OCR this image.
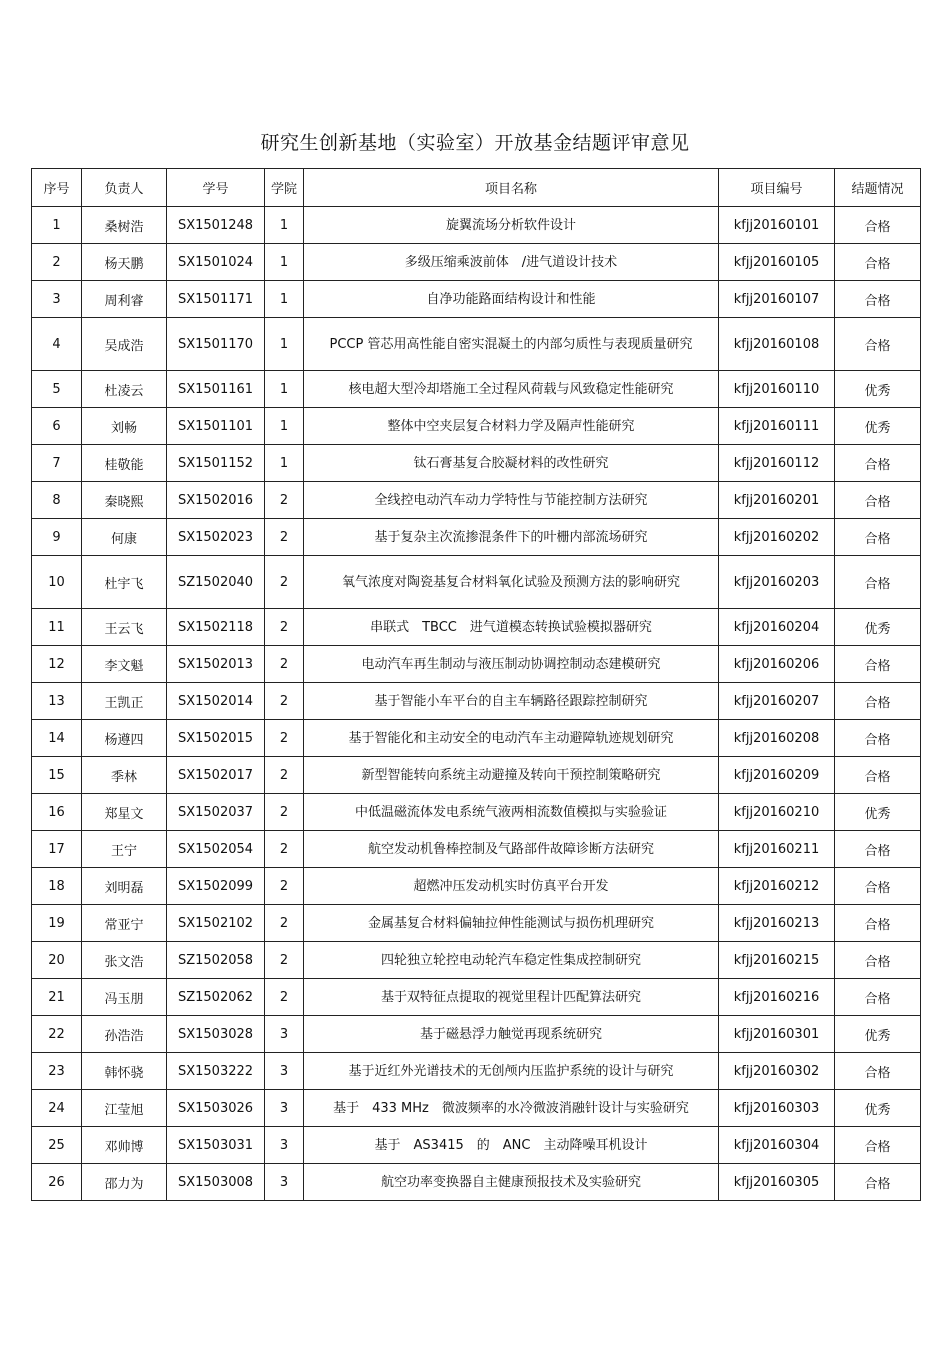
研究生创新基地（实验室）开放基金结题评审意见
序号	负责人	学号	学院	项目名称	项目编号	结题情况
1	桑树浩	SX1501248	1	旋翼流场分析软件设计	kfjj20160101	合格
2	杨天鹏	SX1501024	1	多级压缩乘波前体　/进气道设计技术	kfjj20160105	合格
3	周利睿	SX1501171	1	自净功能路面结构设计和性能	kfjj20160107	合格
4	吴成浩	SX1501170	1	PCCP 管芯用高性能自密实混凝土的内部匀质性与表现质量研究	kfjj20160108	合格
5	杜凌云	SX1501161	1	核电超大型冷却塔施工全过程风荷载与风致稳定性能研究	kfjj20160110	优秀
6	刘畅	SX1501101	1	整体中空夹层复合材料力学及隔声性能研究	kfjj20160111	优秀
7	桂敬能	SX1501152	1	钛石膏基复合胶凝材料的改性研究	kfjj20160112	合格
8	秦晓熙	SX1502016	2	全线控电动汽车动力学特性与节能控制方法研究	kfjj20160201	合格
9	何康	SX1502023	2	基于复杂主次流掺混条件下的叶栅内部流场研究	kfjj20160202	合格
10	杜宇飞	SZ1502040	2	氧气浓度对陶瓷基复合材料氧化试验及预测方法的影响研究	kfjj20160203	合格
11	王云飞	SX1502118	2	串联式　TBCC　进气道模态转换试验模拟器研究	kfjj20160204	优秀
12	李文魁	SX1502013	2	电动汽车再生制动与液压制动协调控制动态建模研究	kfjj20160206	合格
13	王凯正	SX1502014	2	基于智能小车平台的自主车辆路径跟踪控制研究	kfjj20160207	合格
14	杨遵四	SX1502015	2	基于智能化和主动安全的电动汽车主动避障轨迹规划研究	kfjj20160208	合格
15	季林	SX1502017	2	新型智能转向系统主动避撞及转向干预控制策略研究	kfjj20160209	合格
16	郑星文	SX1502037	2	中低温磁流体发电系统气液两相流数值模拟与实验验证	kfjj20160210	优秀
17	王宁	SX1502054	2	航空发动机鲁棒控制及气路部件故障诊断方法研究	kfjj20160211	合格
18	刘明磊	SX1502099	2	超燃冲压发动机实时仿真平台开发	kfjj20160212	合格
19	常亚宁	SX1502102	2	金属基复合材料偏轴拉伸性能测试与损伤机理研究	kfjj20160213	合格
20	张文浩	SZ1502058	2	四轮独立轮控电动轮汽车稳定性集成控制研究	kfjj20160215	合格
21	冯玉朋	SZ1502062	2	基于双特征点提取的视觉里程计匹配算法研究	kfjj20160216	合格
22	孙浩浩	SX1503028	3	基于磁悬浮力触觉再现系统研究	kfjj20160301	优秀
23	韩怀骁	SX1503222	3	基于近红外光谱技术的无创颅内压监护系统的设计与研究	kfjj20160302	合格
24	江莹旭	SX1503026	3	基于　433 MHz　微波频率的水冷微波消融针设计与实验研究	kfjj20160303	优秀
25	邓帅博	SX1503031	3	基于　AS3415　的　ANC　主动降噪耳机设计	kfjj20160304	合格
26	邵力为	SX1503008	3	航空功率变换器自主健康预报技术及实验研究	kfjj20160305	合格
